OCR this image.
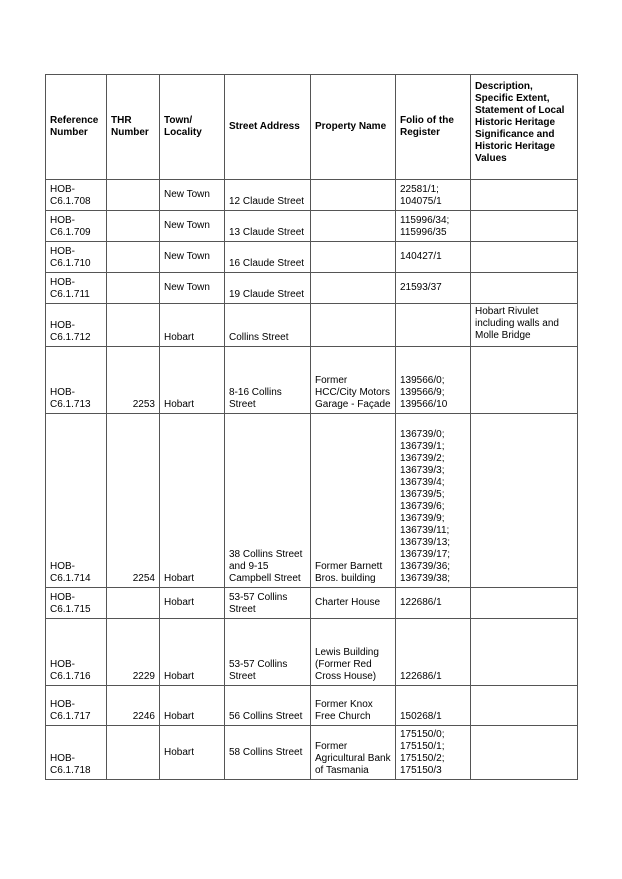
Reference Number	THR Number	Town/ Locality	Street Address	Property Name	Folio of the Register	Description, Specific Extent, Statement of Local Historic Heritage Significance and Historic Heritage Values
HOB-C6.1.708		New Town	12 Claude Street		22581/1; 104075/1	
HOB-C6.1.709		New Town	13 Claude Street		115996/34; 115996/35	
HOB-C6.1.710		New Town	16 Claude Street		140427/1	
HOB-C6.1.711		New Town	19 Claude Street		21593/37	
HOB-C6.1.712		Hobart	Collins Street			Hobart Rivulet including walls and Molle Bridge
HOB-C6.1.713	2253	Hobart	8-16 Collins Street	Former HCC/City Motors Garage - Façade	139566/0; 139566/9; 139566/10	
HOB-C6.1.714	2254	Hobart	38 Collins Street and 9-15 Campbell Street	Former Barnett Bros. building	136739/0; 136739/1; 136739/2; 136739/3; 136739/4; 136739/5; 136739/6; 136739/9; 136739/11; 136739/13; 136739/17; 136739/36; 136739/38;	
HOB-C6.1.715		Hobart	53-57 Collins Street	Charter House	122686/1	
HOB-C6.1.716	2229	Hobart	53-57 Collins Street	Lewis Building (Former Red Cross House)	122686/1	
HOB-C6.1.717	2246	Hobart	56 Collins Street	Former Knox Free Church	150268/1	
HOB-C6.1.718		Hobart	58 Collins Street	Former Agricultural Bank of Tasmania	175150/0; 175150/1; 175150/2; 175150/3	
